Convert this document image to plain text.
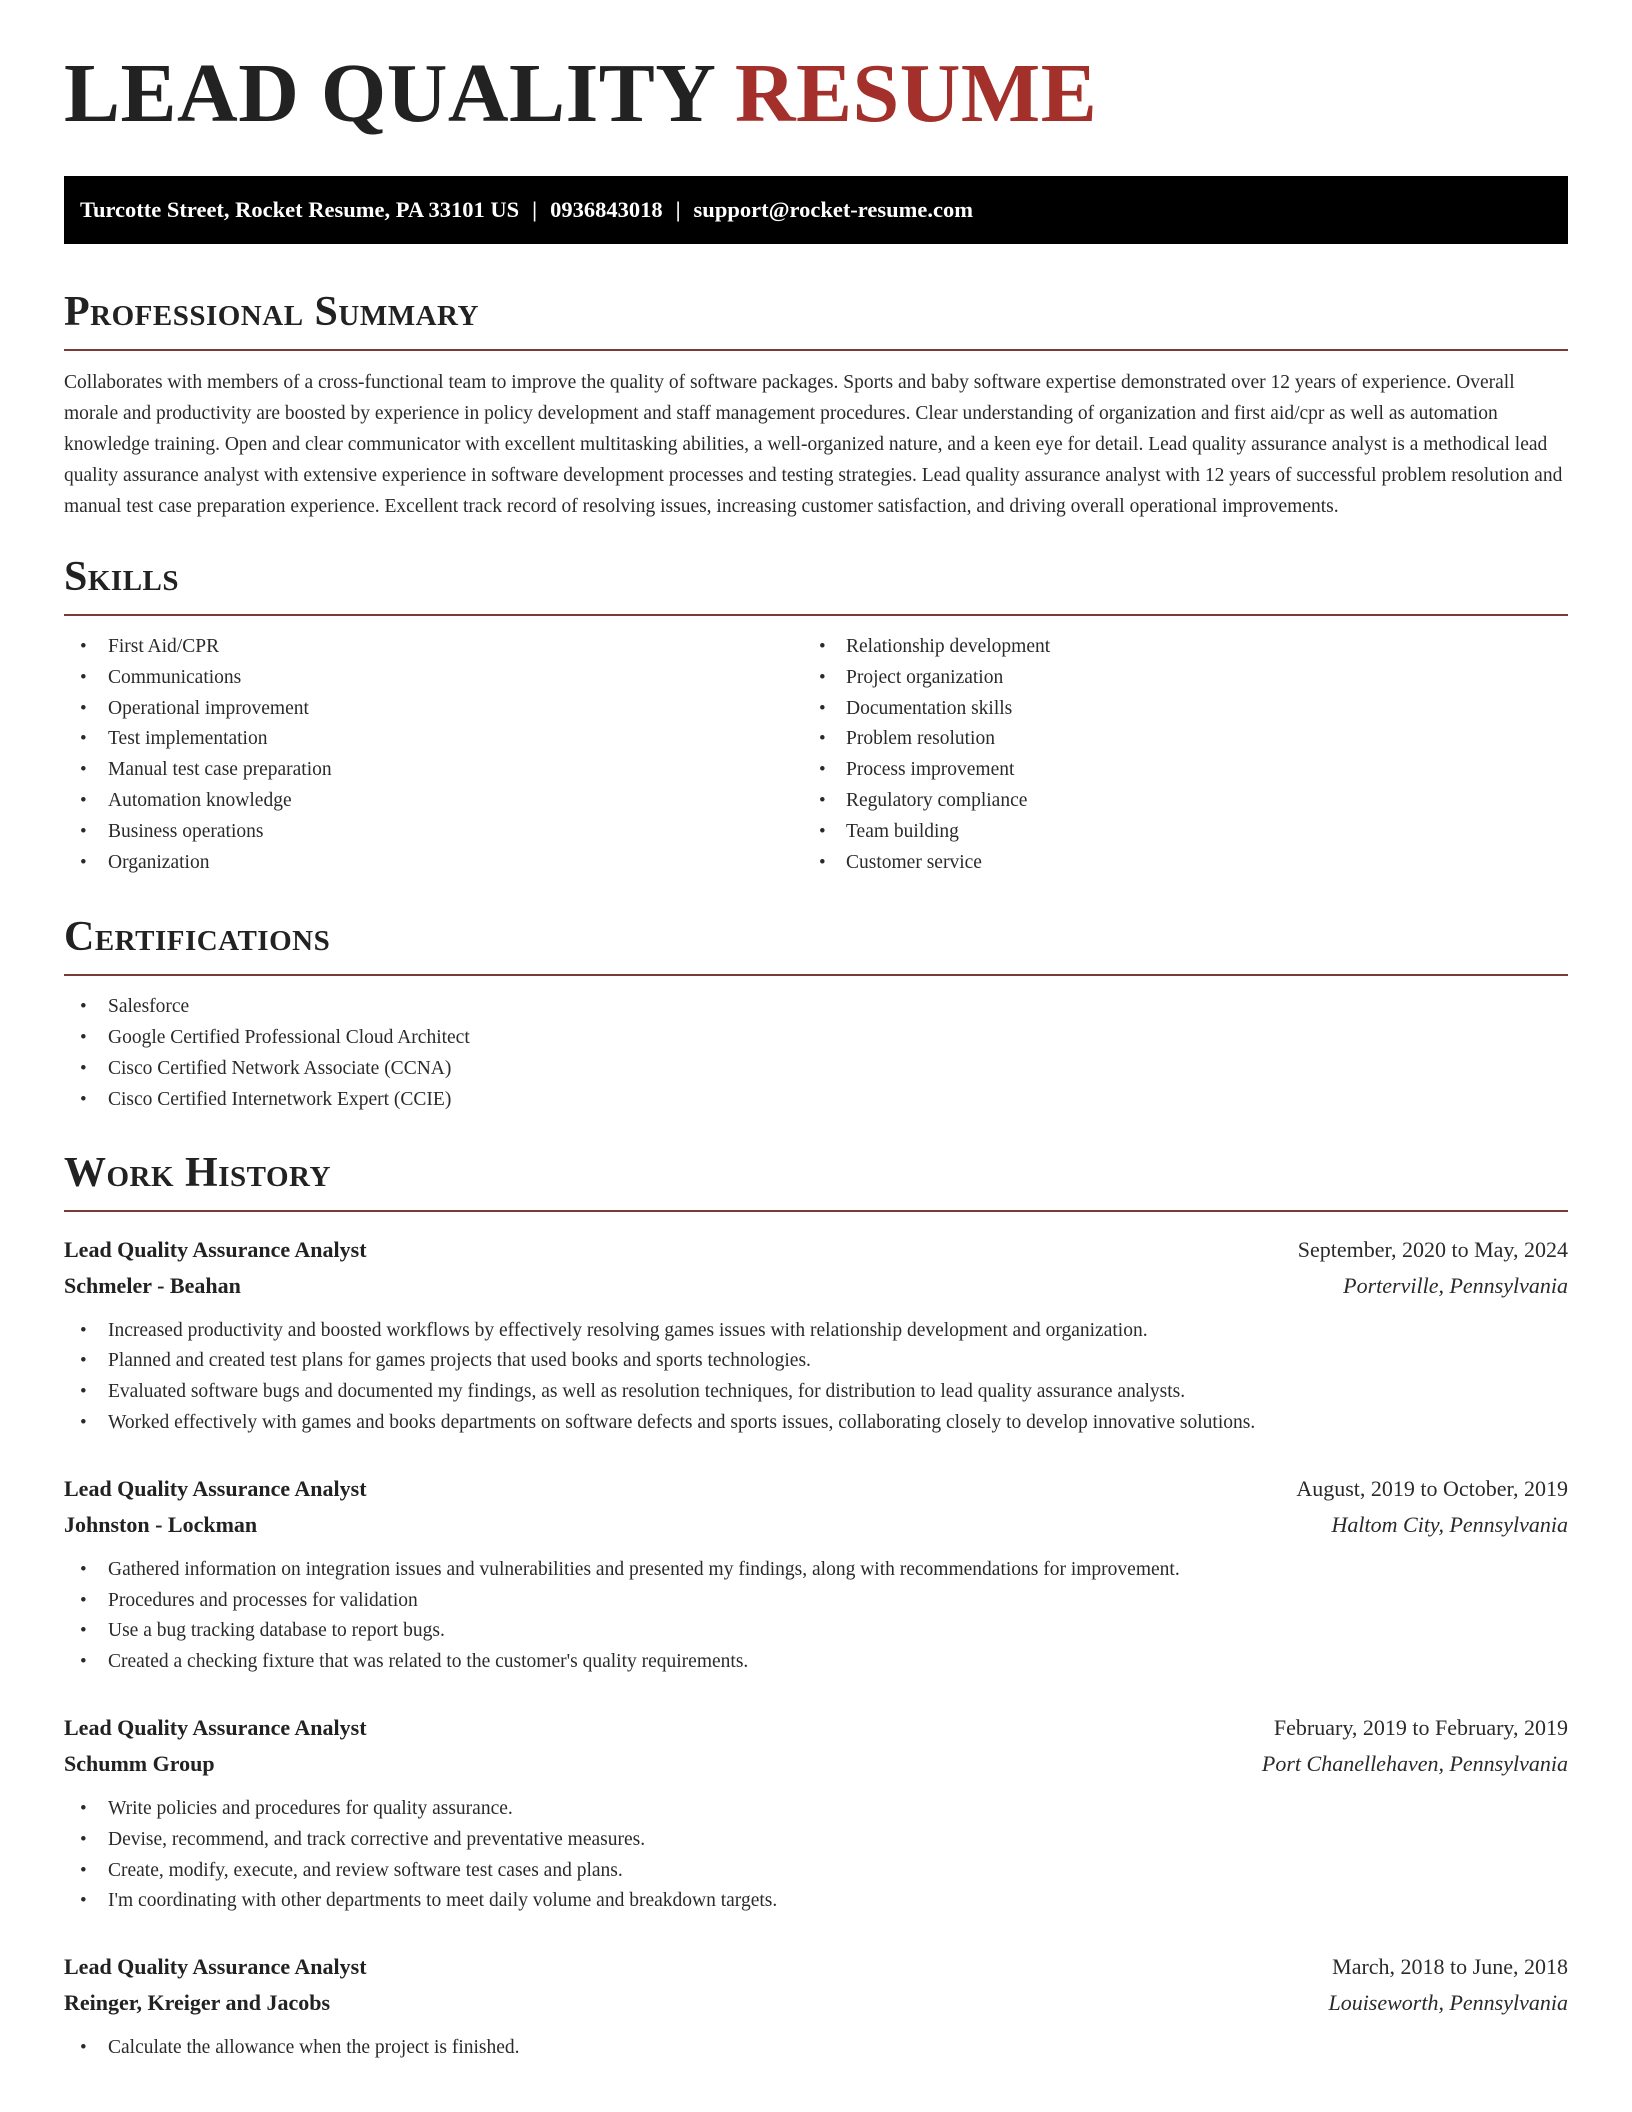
LEAD QUALITY RESUME
Turcotte Street, Rocket Resume, PA 33101 US | 0936843018 | support@rocket-resume.com
Professional Summary

Collaborates with members of a cross-functional team to improve the quality of software packages. Sports and baby software expertise demonstrated over 12 years of experience. Overall morale and productivity are boosted by experience in policy development and staff management procedures. Clear understanding of organization and first aid/cpr as well as automation knowledge training. Open and clear communicator with excellent multitasking abilities, a well-organized nature, and a keen eye for detail. Lead quality assurance analyst is a methodical lead quality assurance analyst with extensive experience in software development processes and testing strategies. Lead quality assurance analyst with 12 years of successful problem resolution and manual test case preparation experience. Excellent track record of resolving issues, increasing customer satisfaction, and driving overall operational improvements.

Skills
• First Aid/CPR
• Communications
• Operational improvement
• Test implementation
• Manual test case preparation
• Automation knowledge
• Business operations
• Organization
• Relationship development
• Project organization
• Documentation skills
• Problem resolution
• Process improvement
• Regulatory compliance
• Team building
• Customer service
Certifications
• Salesforce
• Google Certified Professional Cloud Architect
• Cisco Certified Network Associate (CCNA)
• Cisco Certified Internetwork Expert (CCIE)
Work History
Lead Quality Assurance Analyst	September, 2020 to May, 2024
Schmeler - Beahan	Porterville, Pennsylvania
• Increased productivity and boosted workflows by effectively resolving games issues with relationship development and organization.
• Planned and created test plans for games projects that used books and sports technologies.
• Evaluated software bugs and documented my findings, as well as resolution techniques, for distribution to lead quality assurance analysts.
• Worked effectively with games and books departments on software defects and sports issues, collaborating closely to develop innovative solutions.
Lead Quality Assurance Analyst	August, 2019 to October, 2019
Johnston - Lockman	Haltom City, Pennsylvania
• Gathered information on integration issues and vulnerabilities and presented my findings, along with recommendations for improvement.
• Procedures and processes for validation
• Use a bug tracking database to report bugs.
• Created a checking fixture that was related to the customer's quality requirements.
Lead Quality Assurance Analyst	February, 2019 to February, 2019
Schumm Group	Port Chanellehaven, Pennsylvania
• Write policies and procedures for quality assurance.
• Devise, recommend, and track corrective and preventative measures.
• Create, modify, execute, and review software test cases and plans.
• I'm coordinating with other departments to meet daily volume and breakdown targets.
Lead Quality Assurance Analyst	March, 2018 to June, 2018
Reinger, Kreiger and Jacobs	Louiseworth, Pennsylvania
• Calculate the allowance when the project is finished.
